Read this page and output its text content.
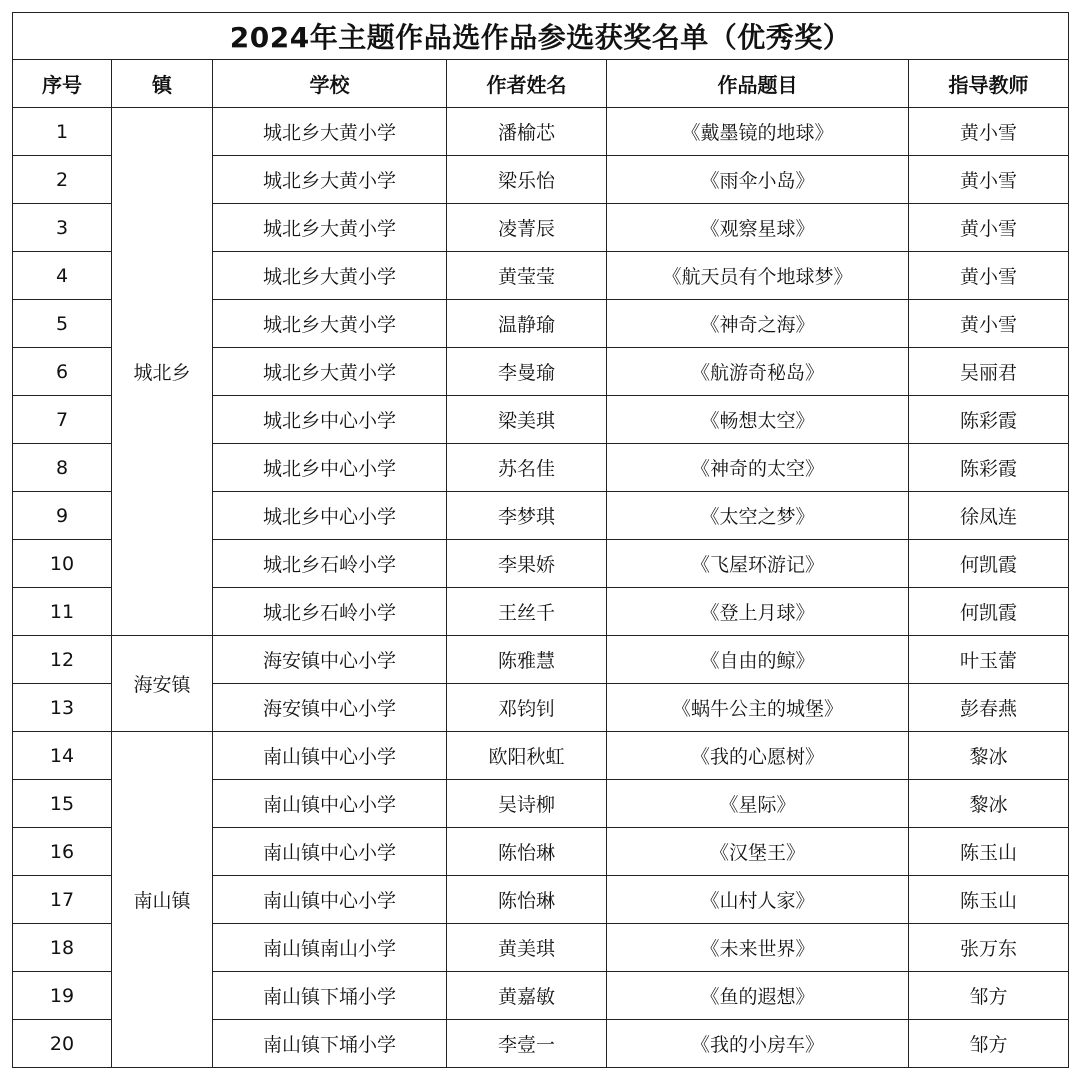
2024年主题作品选作品参选获奖名单（优秀奖）					
序号	镇	学校	作者姓名	作品题目	指导教师
1	城北乡	城北乡大黄小学	潘榆芯	《戴墨镜的地球》	黄小雪
2		城北乡大黄小学	梁乐怡	《雨伞小岛》	黄小雪
3		城北乡大黄小学	凌菁辰	《观察星球》	黄小雪
4		城北乡大黄小学	黄莹莹	《航天员有个地球梦》	黄小雪
5		城北乡大黄小学	温静瑜	《神奇之海》	黄小雪
6		城北乡大黄小学	李曼瑜	《航游奇秘岛》	吴丽君
7		城北乡中心小学	梁美琪	《畅想太空》	陈彩霞
8		城北乡中心小学	苏名佳	《神奇的太空》	陈彩霞
9		城北乡中心小学	李梦琪	《太空之梦》	徐凤连
10		城北乡石岭小学	李果娇	《飞屋环游记》	何凯霞
11		城北乡石岭小学	王丝千	《登上月球》	何凯霞
12	海安镇	海安镇中心小学	陈雅慧	《自由的鲸》	叶玉蕾
13		海安镇中心小学	邓钧钊	《蜗牛公主的城堡》	彭春燕
14	南山镇	南山镇中心小学	欧阳秋虹	《我的心愿树》	黎冰
15		南山镇中心小学	吴诗柳	《星际》	黎冰
16		南山镇中心小学	陈怡琳	《汉堡王》	陈玉山
17		南山镇中心小学	陈怡琳	《山村人家》	陈玉山
18		南山镇南山小学	黄美琪	《未来世界》	张万东
19		南山镇下埇小学	黄嘉敏	《鱼的遐想》	邹方
20		南山镇下埇小学	李壹一	《我的小房车》	邹方
